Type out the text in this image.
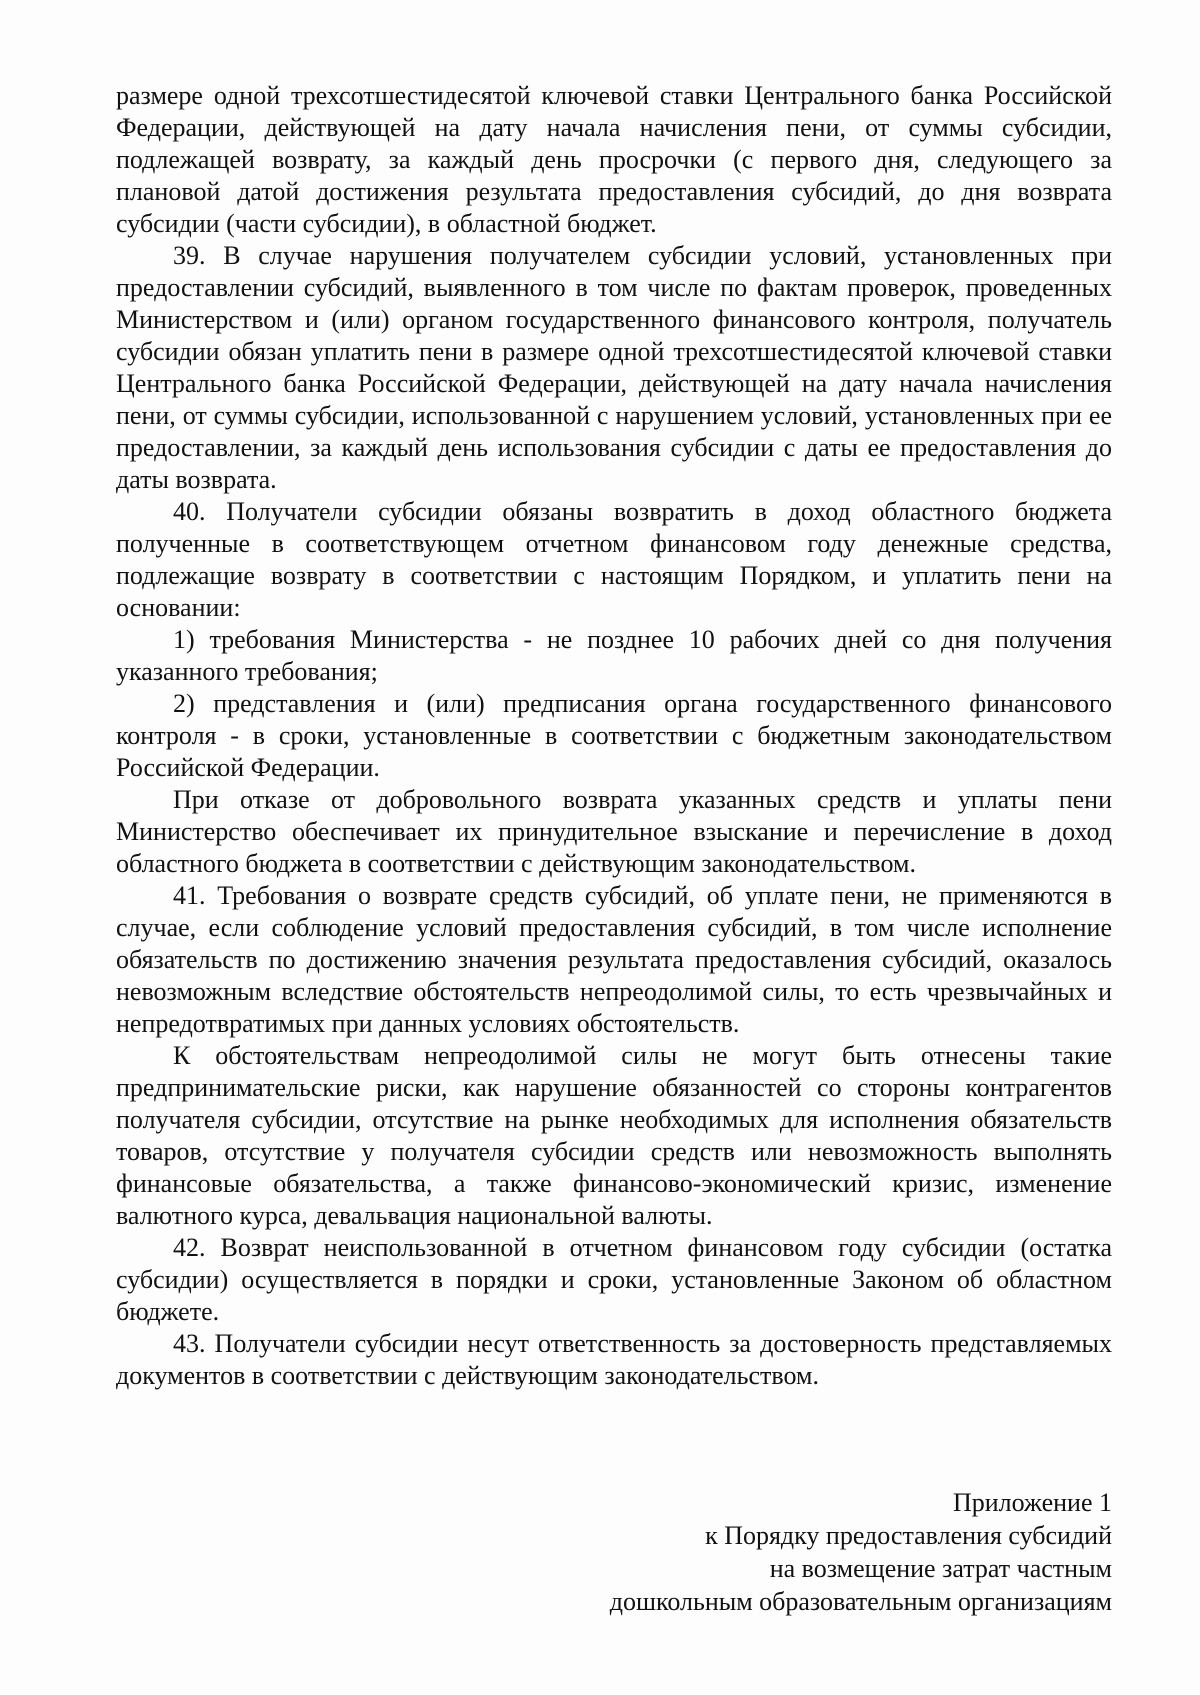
размере одной трехсотшестидесятой ключевой ставки Центрального банка Российской Федерации, действующей на дату начала начисления пени, от суммы субсидии, подлежащей возврату, за каждый день просрочки (с первого дня, следующего за плановой датой достижения результата предоставления субсидий, до дня возврата субсидии (части субсидии), в областной бюджет.

39. В случае нарушения получателем субсидии условий, установленных при предоставлении субсидий, выявленного в том числе по фактам проверок, проведенных Министерством и (или) органом государственного финансового контроля, получатель субсидии обязан уплатить пени в размере одной трехсотшестидесятой ключевой ставки Центрального банка Российской Федерации, действующей на дату начала начисления пени, от суммы субсидии, использованной с нарушением условий, установленных при ее предоставлении, за каждый день использования субсидии с даты ее предоставления до даты возврата.

40. Получатели субсидии обязаны возвратить в доход областного бюджета полученные в соответствующем отчетном финансовом году денежные средства, подлежащие возврату в соответствии с настоящим Порядком, и уплатить пени на основании:

1) требования Министерства - не позднее 10 рабочих дней со дня получения указанного требования;

2) представления и (или) предписания органа государственного финансового контроля - в сроки, установленные в соответствии с бюджетным законодательством Российской Федерации.

При отказе от добровольного возврата указанных средств и уплаты пени Министерство обеспечивает их принудительное взыскание и перечисление в доход областного бюджета в соответствии с действующим законодательством.

41. Требования о возврате средств субсидий, об уплате пени, не применяются в случае, если соблюдение условий предоставления субсидий, в том числе исполнение обязательств по достижению значения результата предоставления субсидий, оказалось невозможным вследствие обстоятельств непреодолимой силы, то есть чрезвычайных и непредотвратимых при данных условиях обстоятельств.

К обстоятельствам непреодолимой силы не могут быть отнесены такие предпринимательские риски, как нарушение обязанностей со стороны контрагентов получателя субсидии, отсутствие на рынке необходимых для исполнения обязательств товаров, отсутствие у получателя субсидии средств или невозможность выполнять финансовые обязательства, а также финансово-экономический кризис, изменение валютного курса, девальвация национальной валюты.

42. Возврат неиспользованной в отчетном финансовом году субсидии (остатка субсидии) осуществляется в порядки и сроки, установленные Законом об областном бюджете.

43. Получатели субсидии несут ответственность за достоверность представляемых документов в соответствии с действующим законодательством.

Приложение 1
к Порядку предоставления субсидий
на возмещение затрат частным
дошкольным образовательным организациям
